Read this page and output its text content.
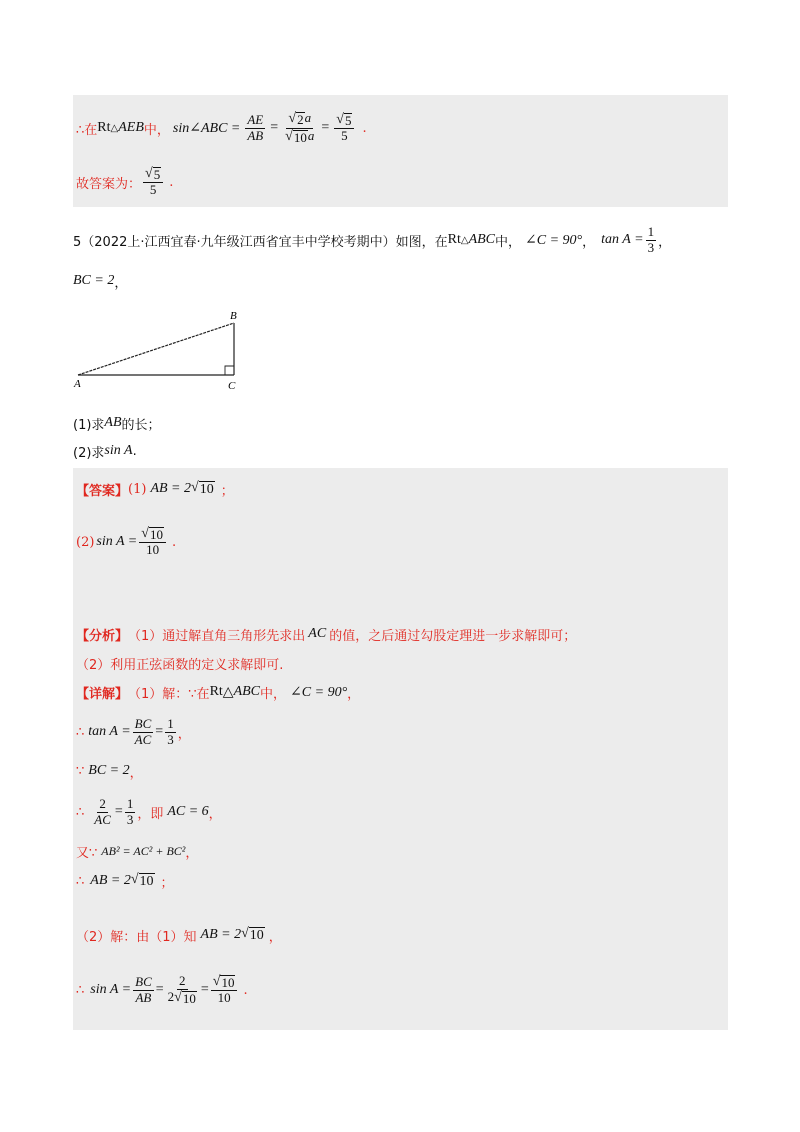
∴在 Rt △ AEB 中， sin∠ABC = $\frac{AE}{AB} = \frac{√ 2 a}{√ 10 a} = \frac{√ 5}{5}$ .
故答案为： $\frac{√ 5}{5}$ .
5（2022上·江西宜春·九年级江西省宜丰中学校考期中）如图，在 Rt △ ABC 中， ∠C = 90° ， $\tan A = \frac{1}{3}$ ，
BC = 2 ，
A
B
C
(1)求 AB 的长；
(2)求 sin A .
【答案】 (1) AB = 2 √ 10 ；
(2) $\sin A = \frac{√ 10}{10}$ .
【分析】 （1）通过解直角三角形先求出 AC 的值，之后通过勾股定理进一步求解即可；
（2）利用正弦函数的定义求解即可.
【详解】 （1）解：∵在 Rt △ ABC 中， ∠C = 90° ，
∴ $\tan A = \frac{BC}{AC} = \frac{1}{3}$ ，
∵ BC = 2 ，
∴ $\frac{2}{AC} = \frac{1}{3}$ ，即 AC = 6 ，
又∵ AB² = AC² + BC² ，
∴ AB = 2 √ 10 ；
（2）解：由（1）知 AB = 2 √ 10 ，
∴ $\sin A = \frac{BC}{AB} = \frac{2}{2 √ 10} = \frac{√ 10}{10}$ .
